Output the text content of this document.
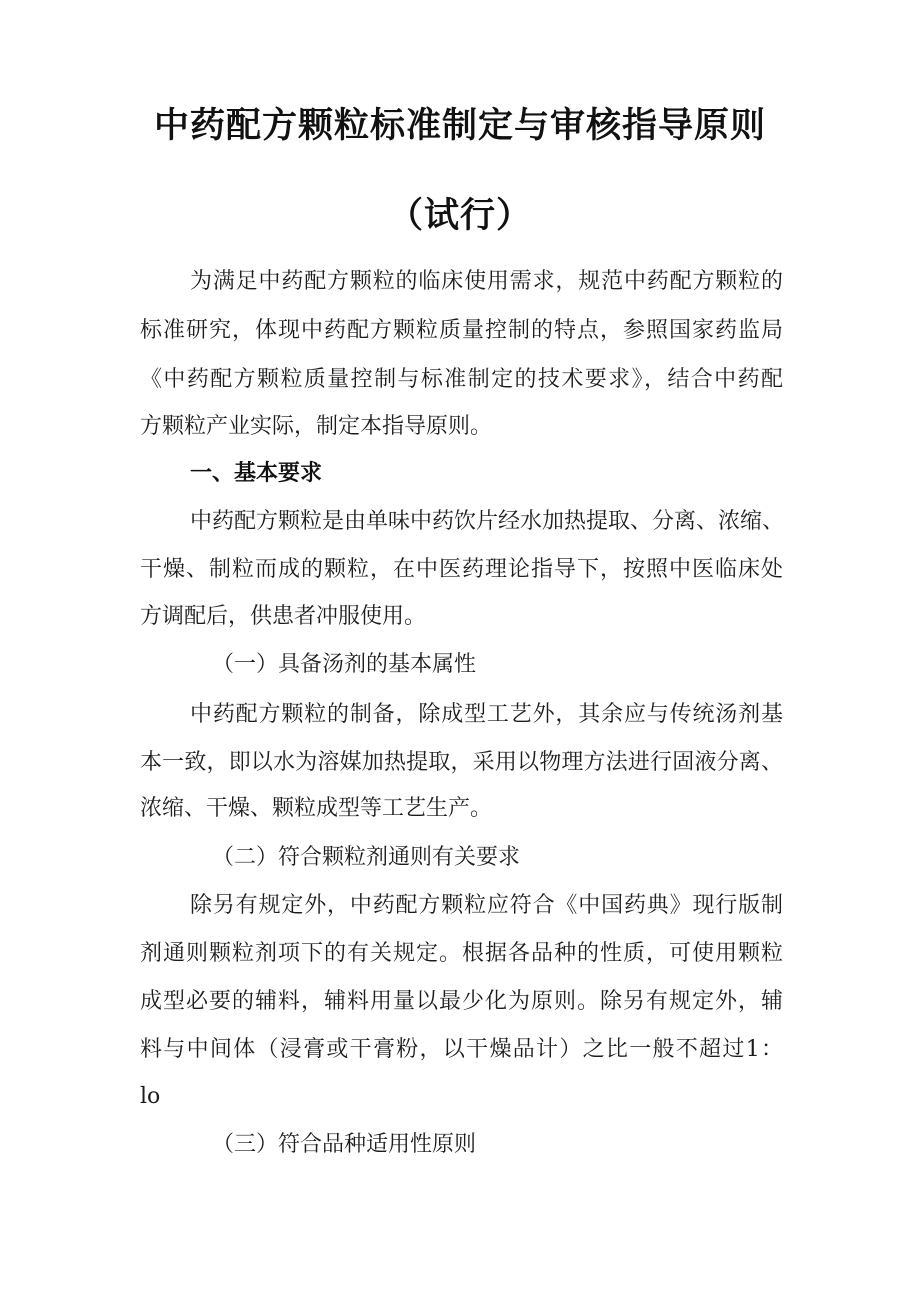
中药配方颗粒标准制定与审核指导原则
（试行）
为满足中药配方颗粒的临床使用需求，规范中药配方颗粒的
标准研究，体现中药配方颗粒质量控制的特点，参照国家药监局
《中药配方颗粒质量控制与标准制定的技术要求》，结合中药配
方颗粒产业实际，制定本指导原则。
一、基本要求
中药配方颗粒是由单味中药饮片经水加热提取、分离、浓缩、
干燥、制粒而成的颗粒，在中医药理论指导下，按照中医临床处
方调配后，供患者冲服使用。
（一）具备汤剂的基本属性
中药配方颗粒的制备，除成型工艺外，其余应与传统汤剂基
本一致，即以水为溶媒加热提取，采用以物理方法进行固液分离、
浓缩、干燥、颗粒成型等工艺生产。
（二）符合颗粒剂通则有关要求
除另有规定外，中药配方颗粒应符合《中国药典》现行版制
剂通则颗粒剂项下的有关规定。根据各品种的性质，可使用颗粒
成型必要的辅料，辅料用量以最少化为原则。除另有规定外，辅
料与中间体（浸膏或干膏粉，以干燥品计）之比一般不超过1：
lo
（三）符合品种适用性原则
